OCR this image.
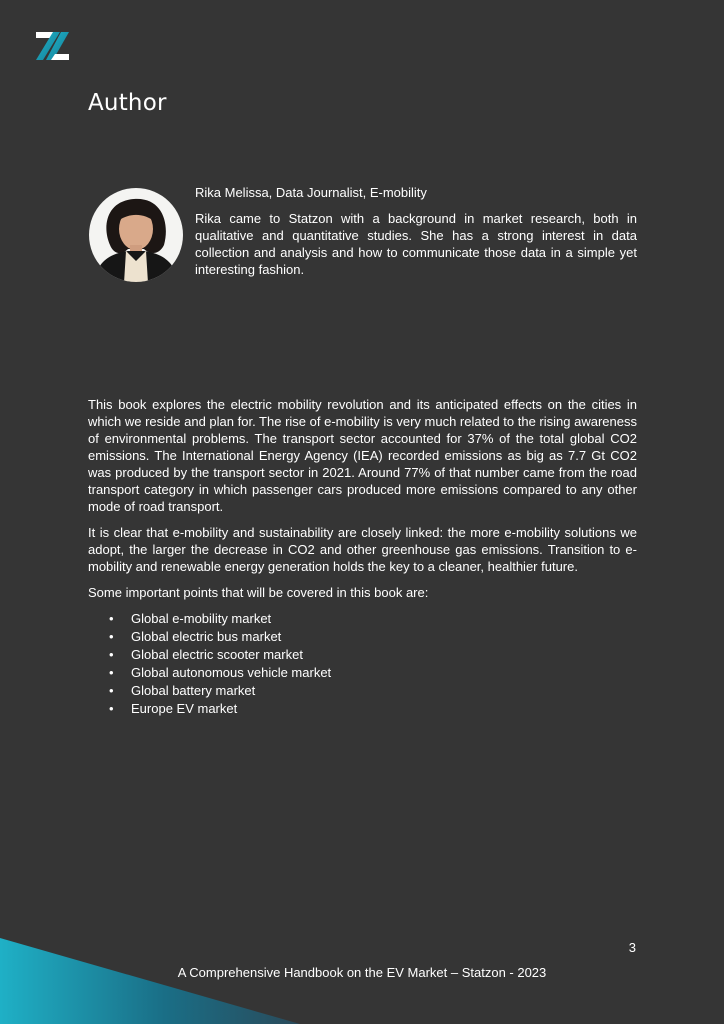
Author

Rika Melissa, Data Journalist, E-mobility

Rika came to Statzon with a background in market research, both in qualitative and quantitative studies. She has a strong interest in data collection and analysis and how to communicate those data in a simple yet interesting fashion.

This book explores the electric mobility revolution and its anticipated effects on the cities in which we reside and plan for. The rise of e-mobility is very much related to the rising awareness of environmental problems. The transport sector accounted for 37% of the total global CO2 emissions. The International Energy Agency (IEA) recorded emissions as big as 7.7 Gt CO2 was produced by the transport sector in 2021. Around 77% of that number came from the road transport category in which passenger cars produced more emissions compared to any other mode of road transport.

It is clear that e-mobility and sustainability are closely linked: the more e-mobility solutions we adopt, the larger the decrease in CO2 and other greenhouse gas emissions. Transition to e-mobility and renewable energy generation holds the key to a cleaner, healthier future.

Some important points that will be covered in this book are:

• Global e-mobility market
• Global electric bus market
• Global electric scooter market
• Global autonomous vehicle market
• Global battery market
• Europe EV market
3
A Comprehensive Handbook on the EV Market – Statzon - 2023
